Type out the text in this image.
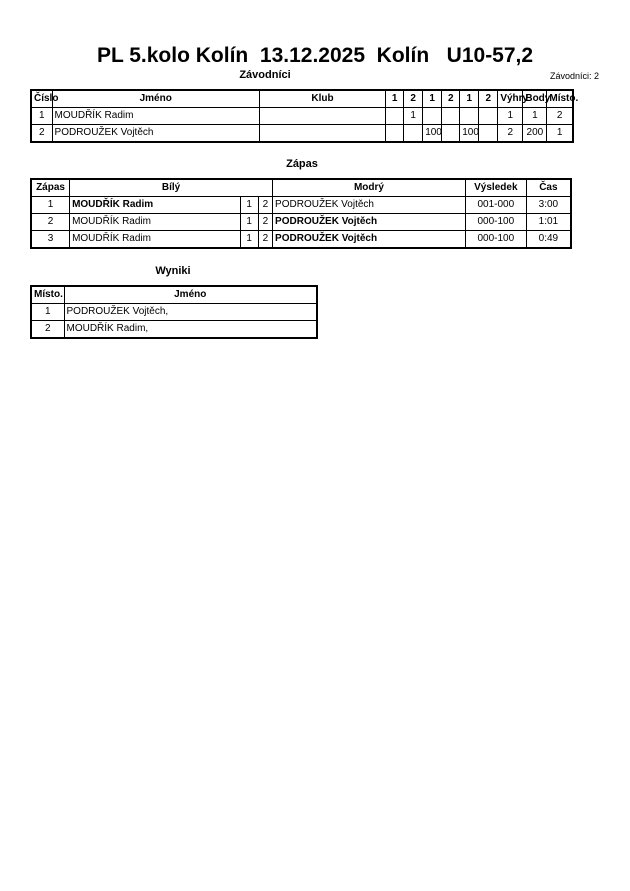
PL 5.kolo Kolín  13.12.2025  Kolín   U10-57,2
Závodníci	Závodníci: 2
Číslo	Jméno	Klub	1	2	1	2	1	2	Výhry	Body	Místo.
1	MOUDŘÍK Radim			1					1	1	2
2	PODROUŽEK Vojtěch				100		100		2	200	1
Zápas
Zápas	Bílý			Modrý	Výsledek	Čas
1	MOUDŘÍK Radim	1	2	PODROUŽEK Vojtěch	001-000	3:00
2	MOUDŘÍK Radim	1	2	PODROUŽEK Vojtěch	000-100	1:01
3	MOUDŘÍK Radim	1	2	PODROUŽEK Vojtěch	000-100	0:49
Wyniki
Místo.	Jméno
1	PODROUŽEK Vojtěch,
2	MOUDŘÍK Radim,
